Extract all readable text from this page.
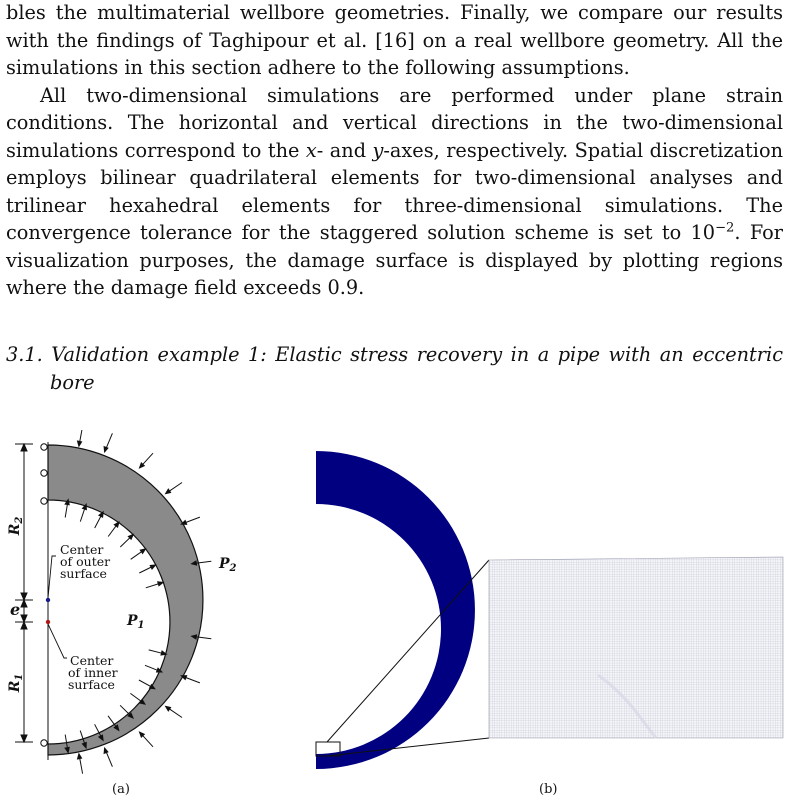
bles the multimaterial wellbore geometries. Finally, we compare our results with the findings of Taghipour et al. [16] on a real wellbore geometry. All the simulations in this section adhere to the following assumptions.

All two-dimensional simulations are performed under plane strain conditions. The horizontal and vertical directions in the two-dimensional simulations correspond to the x- and y-axes, respectively. Spatial discretization employs bilinear quadrilateral elements for two-dimensional analyses and trilinear hexahedral elements for three-dimensional simulations. The convergence tolerance for the staggered solution scheme is set to $10^{-2}$. For visualization purposes, the damage surface is displayed by plotting regions where the damage field exceeds 0.9.

3.1. Validation example 1: Elastic stress recovery in a pipe with an eccentric
bore
$R_2$
e
$R_1$
Center
of outer
surface
Center
of inner
surface
$P_1$
$P_2$
(a)	(b)
